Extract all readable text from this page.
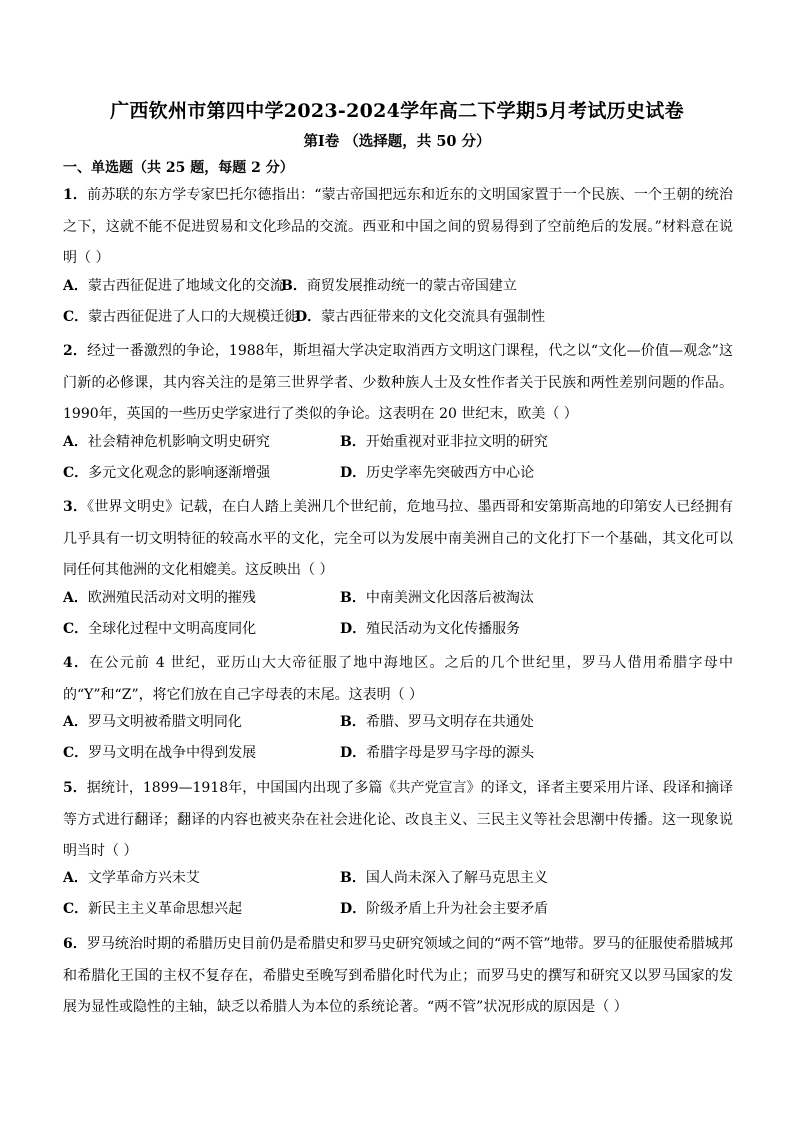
广西钦州市第四中学2023-2024学年高二下学期5月考试历史试卷
第Ⅰ卷 （选择题，共 50 分）
一、单选题（共 25 题，每题 2 分）

1．前苏联的东方学专家巴托尔德指出：“蒙古帝国把远东和近东的文明国家置于一个民族、一个王朝的统治之下，这就不能不促进贸易和文化珍品的交流。西亚和中国之间的贸易得到了空前绝后的发展。”材料意在说明（ ）

A．蒙古西征促进了地域文化的交流
B．商贸发展推动统一的蒙古帝国建立
C．蒙古西征促进了人口的大规模迁徙
D．蒙古西征带来的文化交流具有强制性

2．经过一番激烈的争论，1988年，斯坦福大学决定取消西方文明这门课程，代之以“文化—价值—观念”这门新的必修课，其内容关注的是第三世界学者、少数种族人士及女性作者关于民族和两性差别问题的作品。1990年，英国的一些历史学家进行了类似的争论。这表明在 20 世纪末，欧美（ ）

A．社会精神危机影响文明史研究	B．开始重视对亚非拉文明的研究
C．多元文化观念的影响逐渐增强	D．历史学率先突破西方中心论

3．《世界文明史》记载，在白人踏上美洲几个世纪前，危地马拉、墨西哥和安第斯高地的印第安人已经拥有几乎具有一切文明特征的较高水平的文化，完全可以为发展中南美洲自己的文化打下一个基础，其文化可以同任何其他洲的文化相媲美。这反映出（ ）

A．欧洲殖民活动对文明的摧残	B．中南美洲文化因落后被淘汰
C．全球化过程中文明高度同化	D．殖民活动为文化传播服务

4．在公元前 4 世纪，亚历山大大帝征服了地中海地区。之后的几个世纪里，罗马人借用希腊字母中的“Y”和“Z”，将它们放在自己字母表的末尾。这表明（ ）

A．罗马文明被希腊文明同化	B．希腊、罗马文明存在共通处
C．罗马文明在战争中得到发展	D．希腊字母是罗马字母的源头

5．据统计，1899—1918年，中国国内出现了多篇《共产党宣言》的译文，译者主要采用片译、段译和摘译等方式进行翻译；翻译的内容也被夹杂在社会进化论、改良主义、三民主义等社会思潮中传播。这一现象说明当时（ ）

A．文学革命方兴未艾	B．国人尚未深入了解马克思主义
C．新民主主义革命思想兴起	D．阶级矛盾上升为社会主要矛盾

6．罗马统治时期的希腊历史目前仍是希腊史和罗马史研究领域之间的“两不管”地带。罗马的征服使希腊城邦和希腊化王国的主权不复存在，希腊史至晚写到希腊化时代为止；而罗马史的撰写和研究又以罗马国家的发展为显性或隐性的主轴，缺乏以希腊人为本位的系统论著。“两不管”状况形成的原因是（ ）
